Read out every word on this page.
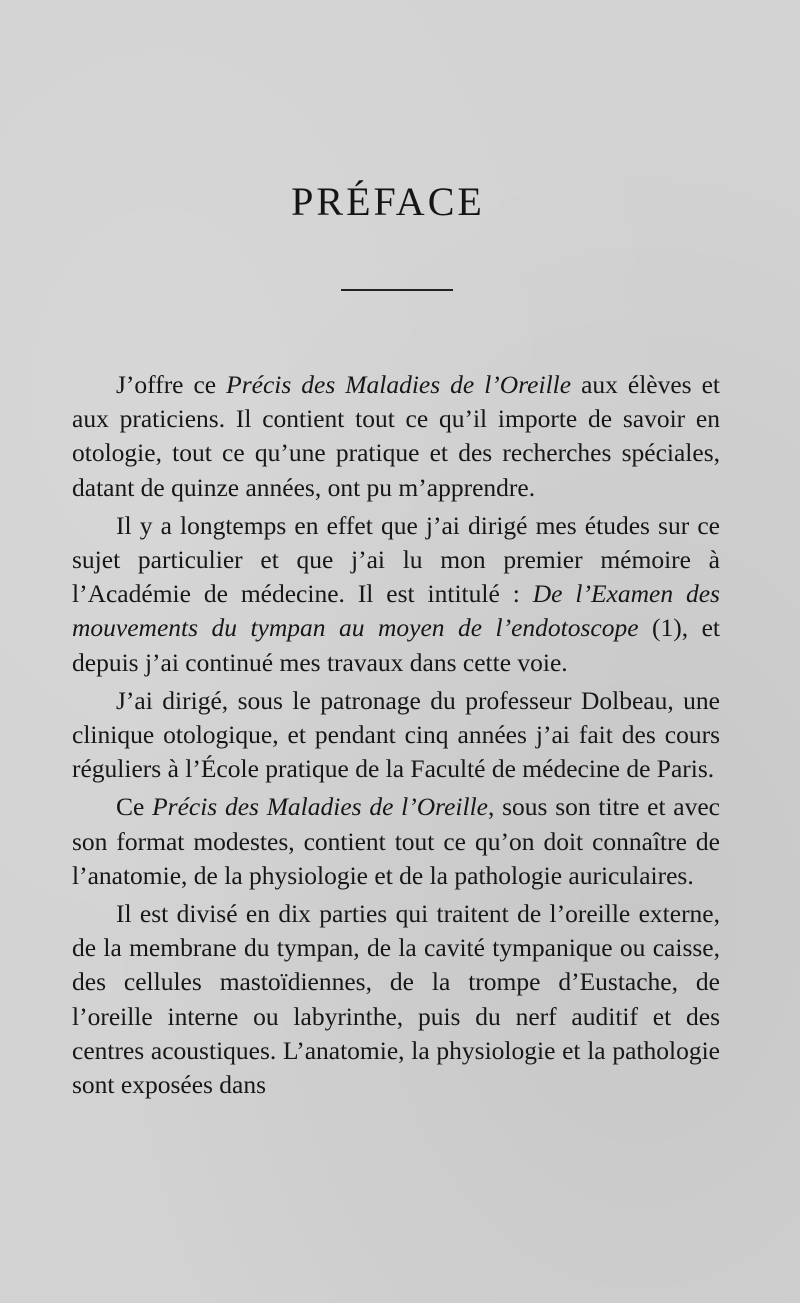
PRÉFACE

J’offre ce Précis des Maladies de l’Oreille aux élèves et aux praticiens. Il contient tout ce qu’il importe de savoir en otologie, tout ce qu’une pratique et des recherches spéciales, datant de quinze années, ont pu m’apprendre.

Il y a longtemps en effet que j’ai dirigé mes études sur ce sujet particulier et que j’ai lu mon premier mémoire à l’Académie de médecine. Il est intitulé : De l’Examen des mouvements du tympan au moyen de l’endotoscope (1), et depuis j’ai continué mes travaux dans cette voie.

J’ai dirigé, sous le patronage du professeur Dolbeau, une clinique otologique, et pendant cinq années j’ai fait des cours réguliers à l’École pratique de la Faculté de médecine de Paris.

Ce Précis des Maladies de l’Oreille, sous son titre et avec son format modestes, contient tout ce qu’on doit connaître de l’anatomie, de la physiologie et de la pathologie auriculaires.

Il est divisé en dix parties qui traitent de l’oreille externe, de la membrane du tympan, de la cavité tympanique ou caisse, des cellules mastoïdiennes, de la trompe d’Eustache, de l’oreille interne ou labyrinthe, puis du nerf auditif et des centres acoustiques. L’anatomie, la physiologie et la pathologie sont exposées dans
